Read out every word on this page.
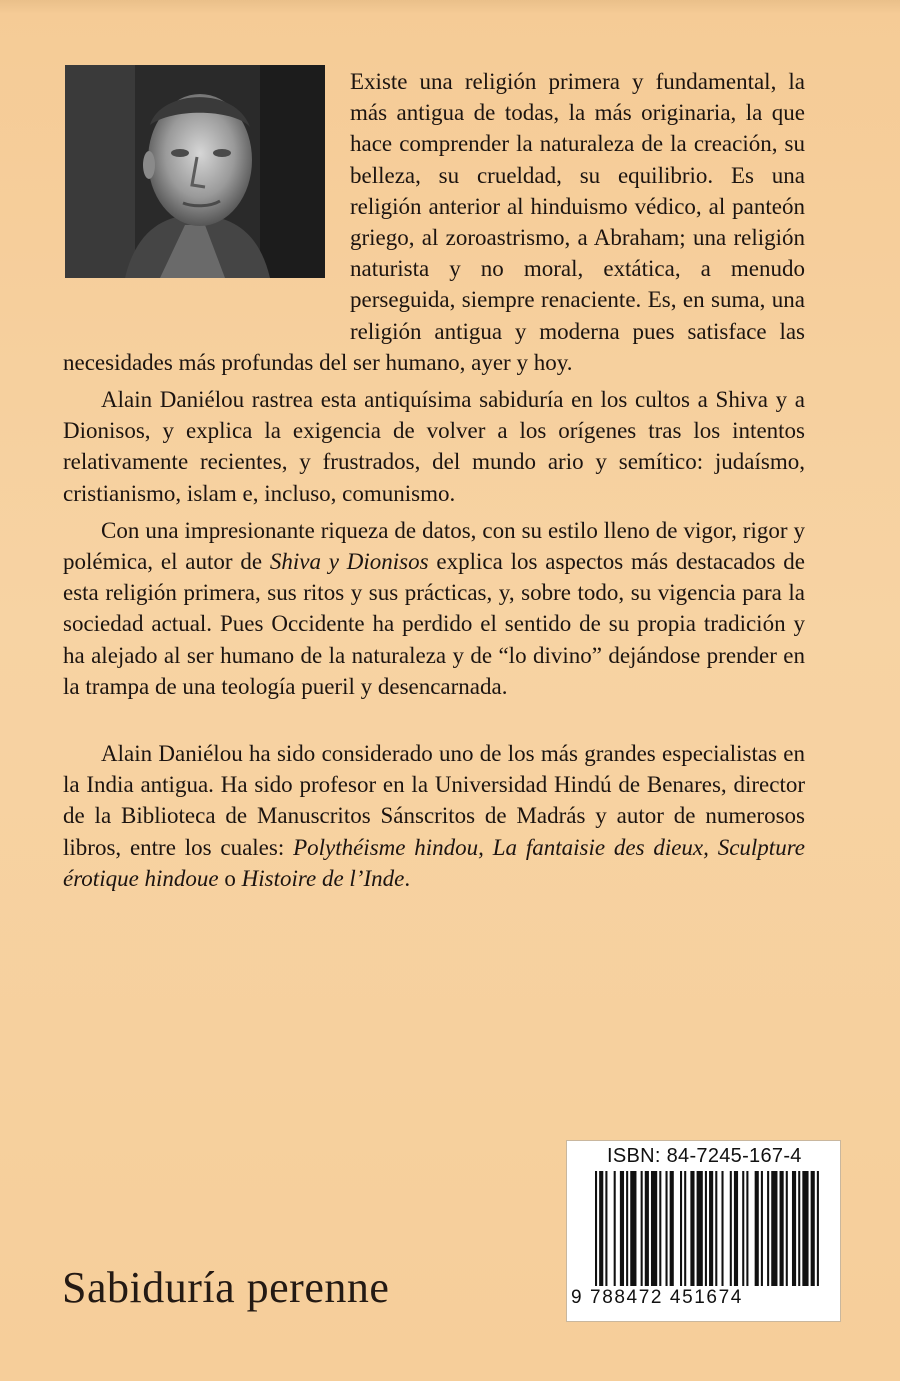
Existe una religión primera y fundamental, la más antigua de todas, la más originaria, la que hace comprender la naturaleza de la creación, su belleza, su crueldad, su equilibrio. Es una religión anterior al hinduismo védico, al panteón griego, al zoroastrismo, a Abraham; una religión naturista y no moral, extática, a menudo perseguida, siempre renaciente. Es, en suma, una religión antigua y moderna pues satisface las necesidades más profundas del ser humano, ayer y hoy.

Alain Daniélou rastrea esta antiquísima sabiduría en los cultos a Shiva y a Dionisos, y explica la exigencia de volver a los orígenes tras los intentos relativamente recientes, y frustrados, del mundo ario y semítico: judaísmo, cristianismo, islam e, incluso, comunismo.

Con una impresionante riqueza de datos, con su estilo lleno de vigor, rigor y polémica, el autor de Shiva y Dionisos explica los aspectos más destacados de esta religión primera, sus ritos y sus prácticas, y, sobre todo, su vigencia para la sociedad actual. Pues Occidente ha perdido el sentido de su propia tradición y ha alejado al ser humano de la naturaleza y de “lo divino” dejándose prender en la trampa de una teología pueril y desencarnada.

Alain Daniélou ha sido considerado uno de los más grandes especialistas en la India antigua. Ha sido profesor en la Universidad Hindú de Benares, director de la Biblioteca de Manuscritos Sánscritos de Madrás y autor de numerosos libros, entre los cuales: Polythéisme hindou, La fantaisie des dieux, Sculpture érotique hindoue o Histoire de l’Inde.

ISBN: 84-7245-167-4
9 788472 451674
Sabiduría perenne
